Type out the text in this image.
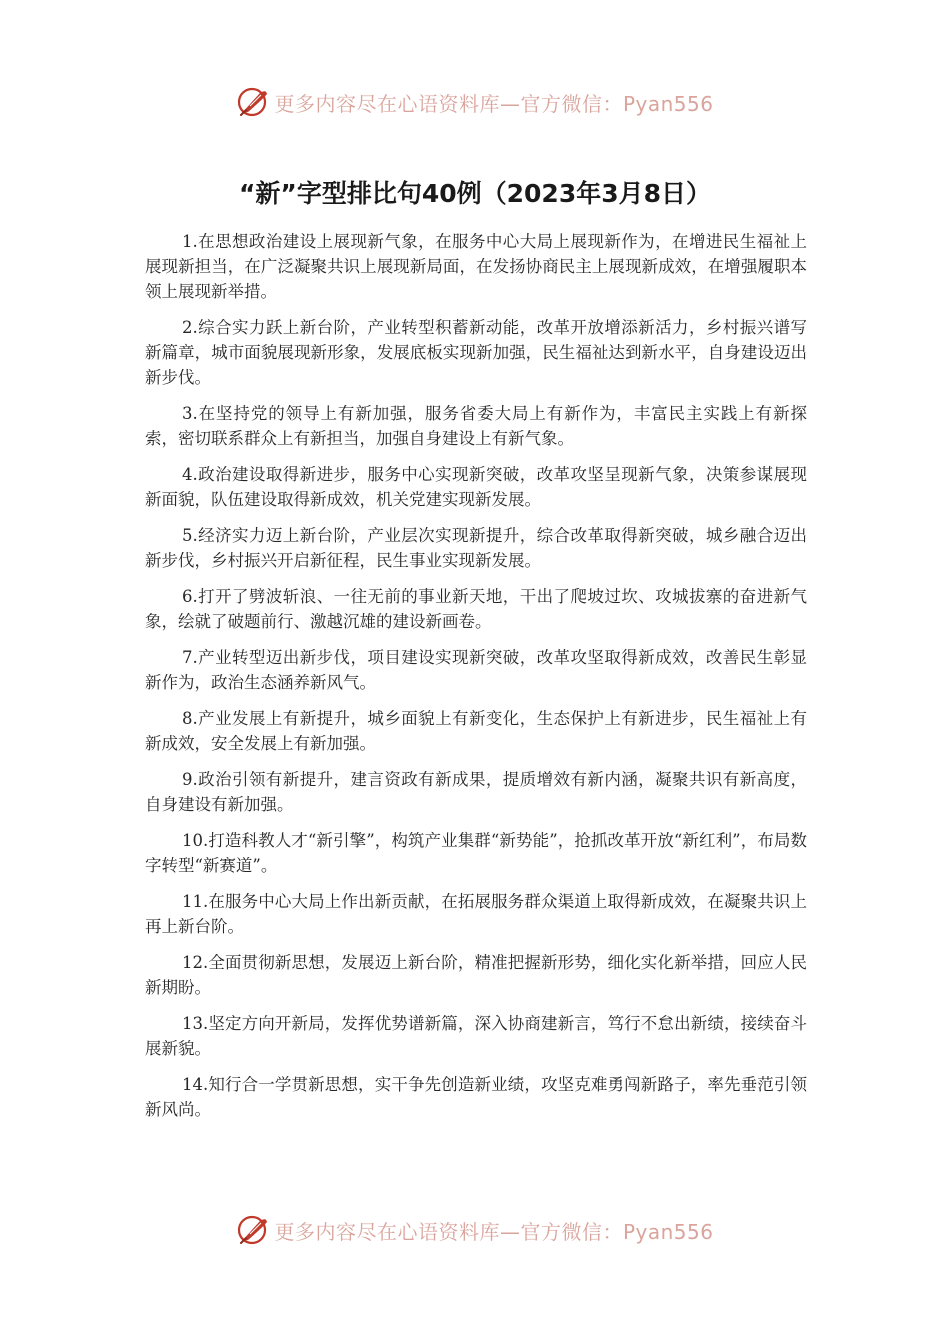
更多内容尽在心语资料库—官方微信：Pyan556
“新”字型排比句40例（2023年3月8日）

1.在思想政治建设上展现新气象，在服务中心大局上展现新作为，在增进民生福祉上展现新担当，在广泛凝聚共识上展现新局面，在发扬协商民主上展现新成效，在增强履职本领上展现新举措。

2.综合实力跃上新台阶，产业转型积蓄新动能，改革开放增添新活力，乡村振兴谱写新篇章，城市面貌展现新形象，发展底板实现新加强，民生福祉达到新水平，自身建设迈出新步伐。

3.在坚持党的领导上有新加强，服务省委大局上有新作为，丰富民主实践上有新探索，密切联系群众上有新担当，加强自身建设上有新气象。

4.政治建设取得新进步，服务中心实现新突破，改革攻坚呈现新气象，决策参谋展现新面貌，队伍建设取得新成效，机关党建实现新发展。

5.经济实力迈上新台阶，产业层次实现新提升，综合改革取得新突破，城乡融合迈出新步伐，乡村振兴开启新征程，民生事业实现新发展。

6.打开了劈波斩浪、一往无前的事业新天地，干出了爬坡过坎、攻城拔寨的奋进新气象，绘就了破题前行、激越沉雄的建设新画卷。

7.产业转型迈出新步伐，项目建设实现新突破，改革攻坚取得新成效，改善民生彰显新作为，政治生态涵养新风气。

8.产业发展上有新提升，城乡面貌上有新变化，生态保护上有新进步，民生福祉上有新成效，安全发展上有新加强。

9.政治引领有新提升，建言资政有新成果，提质增效有新内涵，凝聚共识有新高度，自身建设有新加强。

10.打造科教人才“新引擎”，构筑产业集群“新势能”，抢抓改革开放“新红利”，布局数字转型“新赛道”。

11.在服务中心大局上作出新贡献，在拓展服务群众渠道上取得新成效，在凝聚共识上再上新台阶。

12.全面贯彻新思想，发展迈上新台阶，精准把握新形势，细化实化新举措，回应人民新期盼。

13.坚定方向开新局，发挥优势谱新篇，深入协商建新言，笃行不怠出新绩，接续奋斗展新貌。

14.知行合一学贯新思想，实干争先创造新业绩，攻坚克难勇闯新路子，率先垂范引领新风尚。

更多内容尽在心语资料库—官方微信：Pyan556
